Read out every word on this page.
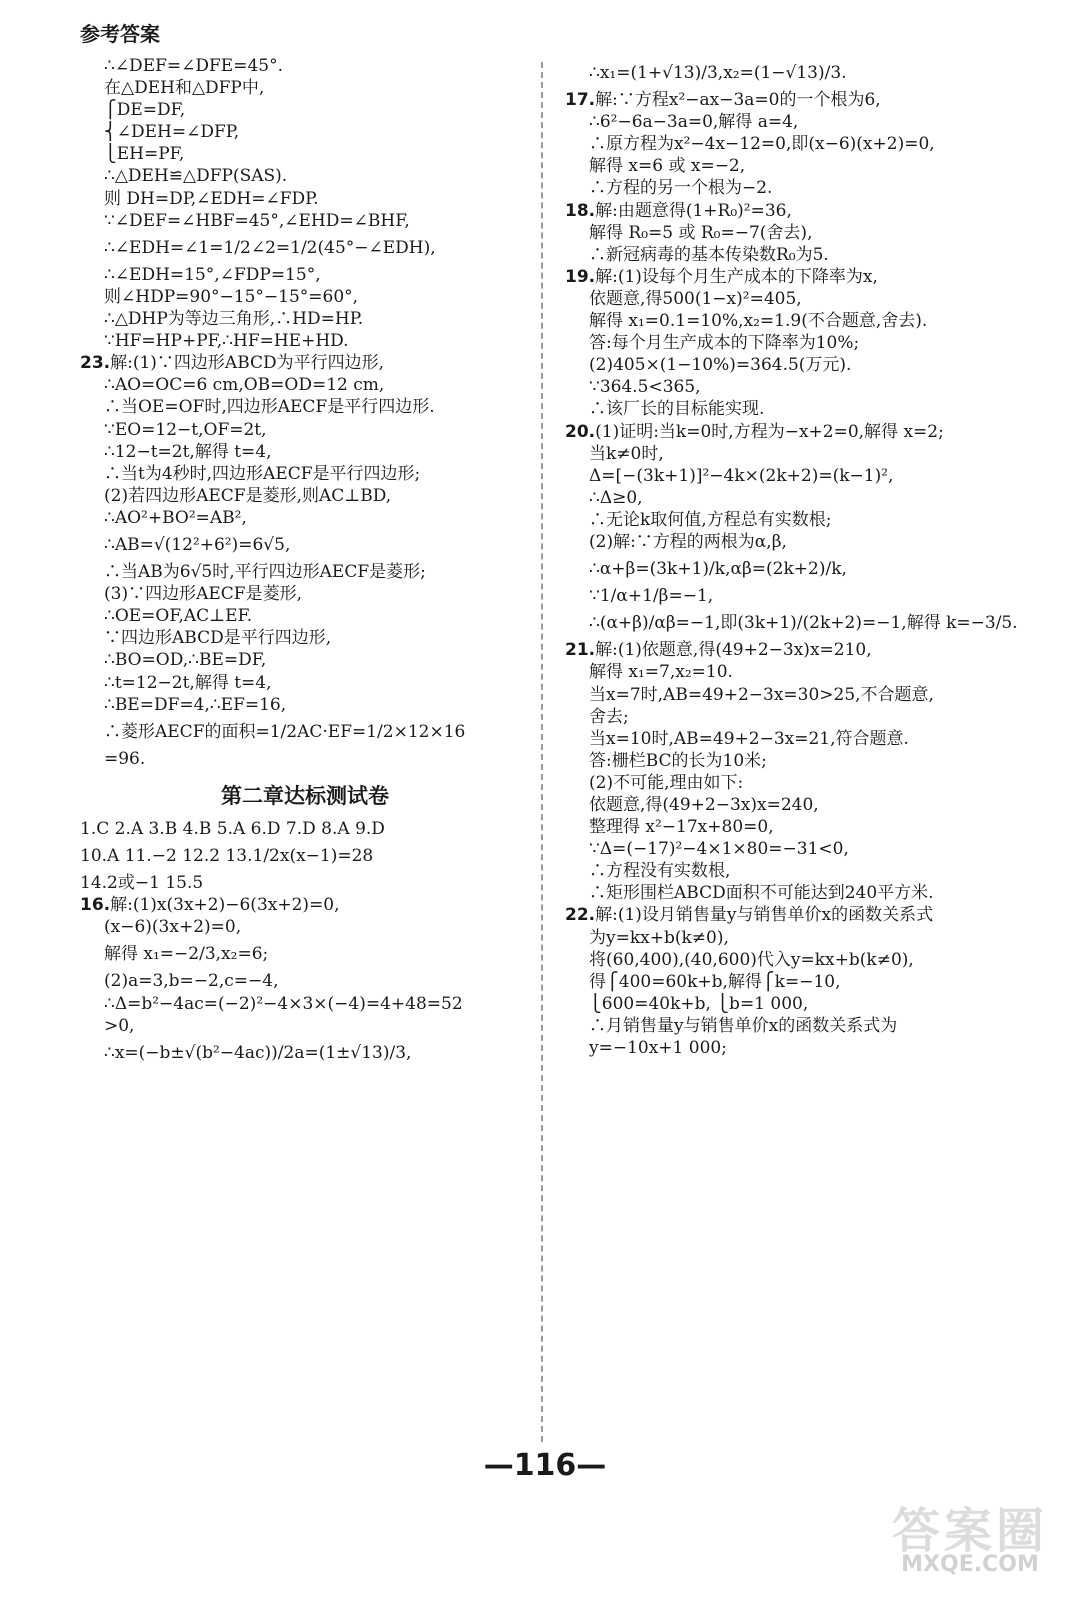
参考答案
∴∠DEF=∠DFE=45°.
在△DEH和△DFP中,
⎧DE=DF,
⎨∠DEH=∠DFP,
⎩EH=PF,
∴△DEH≌△DFP(SAS).
则 DH=DP,∠EDH=∠FDP.
∵∠DEF=∠HBF=45°,∠EHD=∠BHF,
∴∠EDH=∠1=1/2∠2=1/2(45°−∠EDH),
∴∠EDH=15°,∠FDP=15°,
则∠HDP=90°−15°−15°=60°,
∴△DHP为等边三角形,∴HD=HP.
∵HF=HP+PF,∴HF=HE+HD.
23.解:(1)∵四边形ABCD为平行四边形,
∴AO=OC=6 cm,OB=OD=12 cm,
∴当OE=OF时,四边形AECF是平行四边形.
∵EO=12−t,OF=2t,
∴12−t=2t,解得 t=4,
∴当t为4秒时,四边形AECF是平行四边形;
(2)若四边形AECF是菱形,则AC⊥BD,
∴AO²+BO²=AB²,
∴AB=√(12²+6²)=6√5,
∴当AB为6√5时,平行四边形AECF是菱形;
(3)∵四边形AECF是菱形,
∴OE=OF,AC⊥EF.
∵四边形ABCD是平行四边形,
∴BO=OD,∴BE=DF,
∴t=12−2t,解得 t=4,
∴BE=DF=4,∴EF=16,
∴菱形AECF的面积=1/2AC·EF=1/2×12×16
=96.
第二章达标测试卷
1.C 2.A 3.B 4.B 5.A 6.D 7.D 8.A 9.D
10.A 11.−2 12.2 13.1/2x(x−1)=28
14.2或−1 15.5
16.解:(1)x(3x+2)−6(3x+2)=0,
(x−6)(3x+2)=0,
解得 x₁=−2/3,x₂=6;
(2)a=3,b=−2,c=−4,
∴Δ=b²−4ac=(−2)²−4×3×(−4)=4+48=52
>0,
∴x=(−b±√(b²−4ac))/2a=(1±√13)/3,
∴x₁=(1+√13)/3,x₂=(1−√13)/3.
17.解:∵方程x²−ax−3a=0的一个根为6,
∴6²−6a−3a=0,解得 a=4,
∴原方程为x²−4x−12=0,即(x−6)(x+2)=0,
解得 x=6 或 x=−2,
∴方程的另一个根为−2.
18.解:由题意得(1+R₀)²=36,
解得 R₀=5 或 R₀=−7(舍去),
∴新冠病毒的基本传染数R₀为5.
19.解:(1)设每个月生产成本的下降率为x,
依题意,得500(1−x)²=405,
解得 x₁=0.1=10%,x₂=1.9(不合题意,舍去).
答:每个月生产成本的下降率为10%;
(2)405×(1−10%)=364.5(万元).
∵364.5<365,
∴该厂长的目标能实现.
20.(1)证明:当k=0时,方程为−x+2=0,解得 x=2;
当k≠0时,
Δ=[−(3k+1)]²−4k×(2k+2)=(k−1)²,
∴Δ≥0,
∴无论k取何值,方程总有实数根;
(2)解:∵方程的两根为α,β,
∴α+β=(3k+1)/k,αβ=(2k+2)/k,
∵1/α+1/β=−1,
∴(α+β)/αβ=−1,即(3k+1)/(2k+2)=−1,解得 k=−3/5.
21.解:(1)依题意,得(49+2−3x)x=210,
解得 x₁=7,x₂=10.
当x=7时,AB=49+2−3x=30>25,不合题意,
舍去;
当x=10时,AB=49+2−3x=21,符合题意.
答:栅栏BC的长为10米;
(2)不可能,理由如下:
依题意,得(49+2−3x)x=240,
整理得 x²−17x+80=0,
∵Δ=(−17)²−4×1×80=−31<0,
∴方程没有实数根,
∴矩形围栏ABCD面积不可能达到240平方米.
22.解:(1)设月销售量y与销售单价x的函数关系式
为y=kx+b(k≠0),
将(60,400),(40,600)代入y=kx+b(k≠0),
得⎧400=60k+b,解得⎧k=−10,
⎩600=40k+b, ⎩b=1 000,
∴月销售量y与销售单价x的函数关系式为
y=−10x+1 000;
—116—
答案圈
MXQE.COM
